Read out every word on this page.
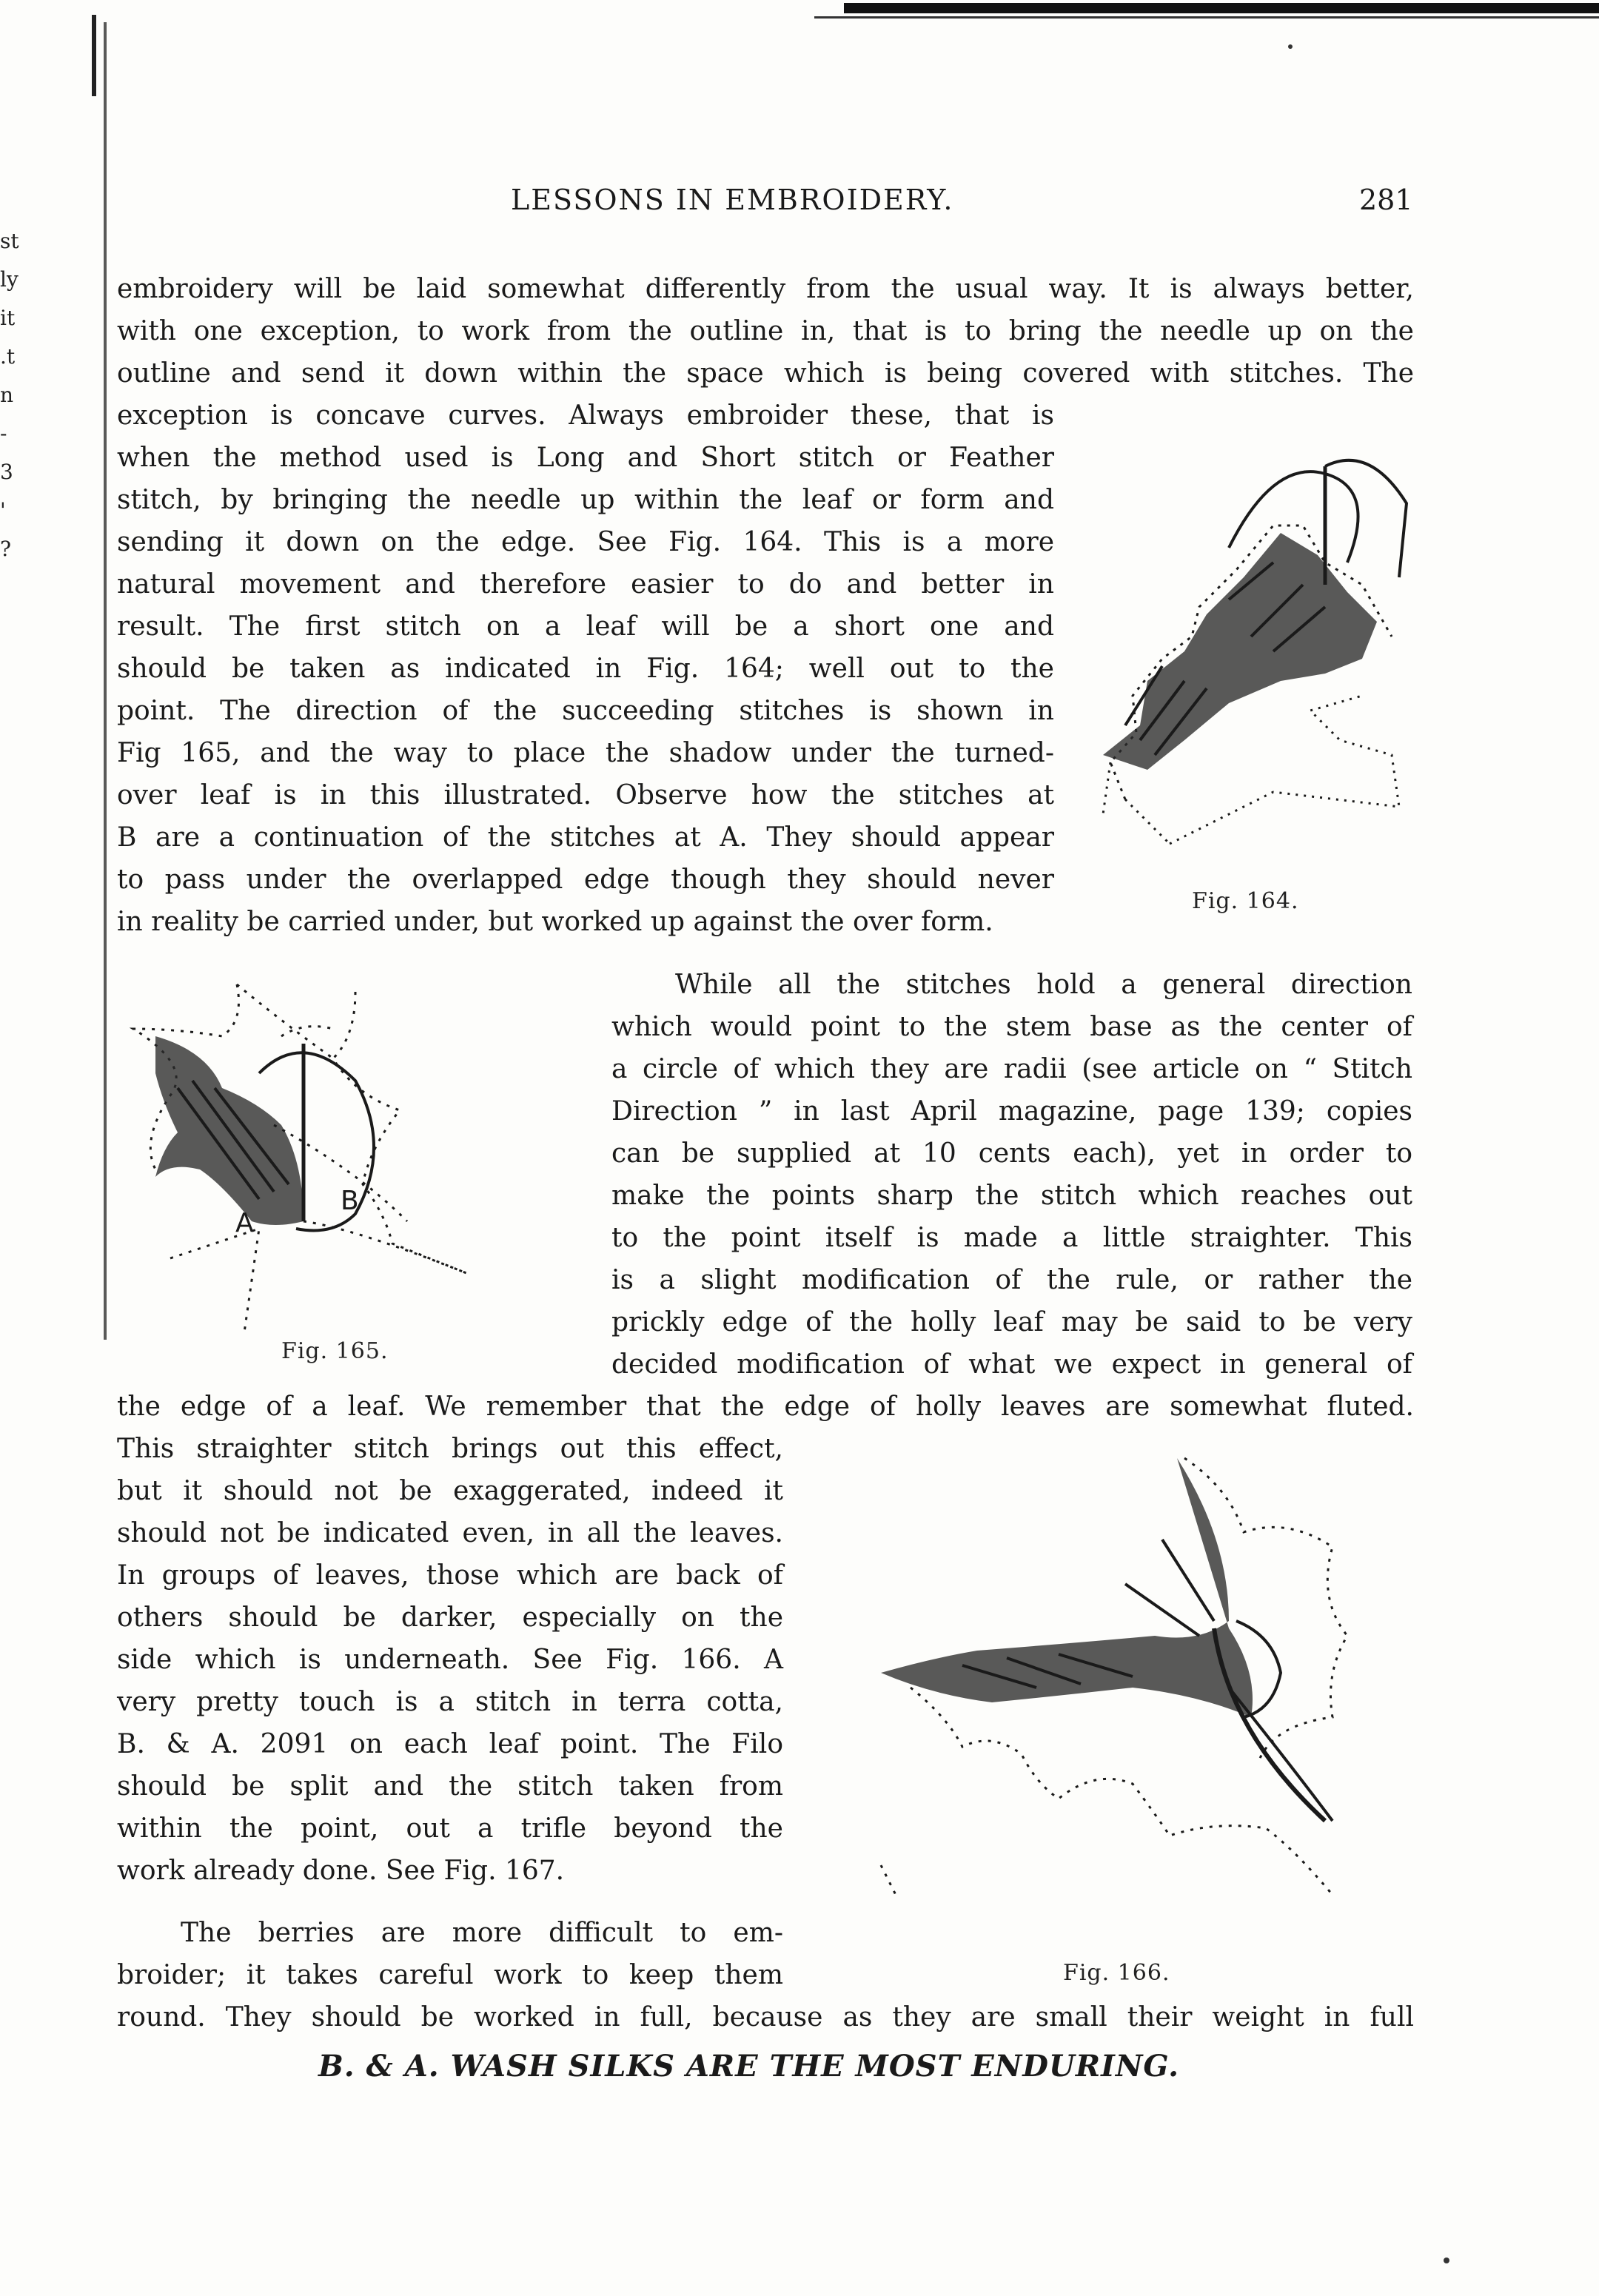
st
ly
it
.t
n
-
3
'
?
LESSONS IN EMBROIDERY.	281
embroidery will be laid somewhat differently from the usual way. It is always better,
with one exception, to work from the outline in, that is to bring the needle up on the
outline and send it down within the space which is being covered with stitches. The
exception is concave curves. Always embroider these, that is
when the method used is Long and Short stitch or Feather
stitch, by bringing the needle up within the leaf or form and
sending it down on the edge. See Fig. 164. This is a more
natural movement and therefore easier to do and better in
result. The first stitch on a leaf will be a short one and
should be taken as indicated in Fig. 164; well out to the
point. The direction of the succeeding stitches is shown in
Fig 165, and the way to place the shadow under the turned-
over leaf is in this illustrated. Observe how the stitches at
B are a continuation of the stitches at A. They should appear
to pass under the overlapped edge though they should never
in reality be carried under, but worked up against the over form.
Fig. 164.
A
B
Fig. 165.
While all the stitches hold a general direction
which would point to the stem base as the center of
a circle of which they are radii (see article on “ Stitch
Direction ” in last April magazine, page 139; copies
can be supplied at 10 cents each), yet in order to
make the points sharp the stitch which reaches out
to the point itself is made a little straighter. This
is a slight modification of the rule, or rather the
prickly edge of the holly leaf may be said to be very
decided modification of what we expect in general of
the edge of a leaf. We remember that the edge of holly leaves are somewhat fluted.
This straighter stitch brings out this effect,
but it should not be exaggerated, indeed it
should not be indicated even, in all the leaves.
In groups of leaves, those which are back of
others should be darker, especially on the
side which is underneath. See Fig. 166. A
very pretty touch is a stitch in terra cotta,
B. & A. 2091 on each leaf point. The Filo
should be split and the stitch taken from
within the point, out a trifle beyond the
work already done. See Fig. 167.
Fig. 166.
The berries are more difficult to em-
broider; it takes careful work to keep them
round. They should be worked in full, because as they are small their weight in full
B. & A. WASH SILKS ARE THE MOST ENDURING.
